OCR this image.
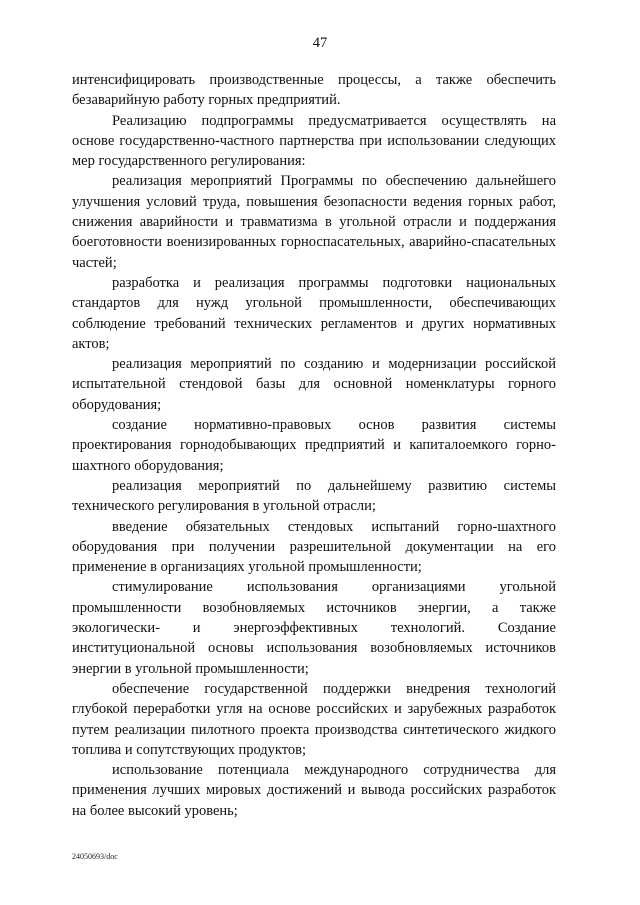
47

интенсифицировать производственные процессы, а также обеспечить безаварийную работу горных предприятий.

Реализацию подпрограммы предусматривается осуществлять на основе государственно-частного партнерства при использовании следующих мер государственного регулирования:

реализация мероприятий Программы по обеспечению дальнейшего улучшения условий труда, повышения безопасности ведения горных работ, снижения аварийности и травматизма в угольной отрасли и поддержания боеготовности военизированных горноспасательных, аварийно-спасательных частей;

разработка и реализация программы подготовки национальных стандартов для нужд угольной промышленности, обеспечивающих соблюдение требований технических регламентов и других нормативных актов;

реализация мероприятий по созданию и модернизации российской испытательной стендовой базы для основной номенклатуры горного оборудования;

создание нормативно-правовых основ развития системы проектирования горнодобывающих предприятий и капиталоемкого горно-шахтного оборудования;

реализация мероприятий по дальнейшему развитию системы технического регулирования в угольной отрасли;

введение обязательных стендовых испытаний горно-шахтного оборудования при получении разрешительной документации на его применение в организациях угольной промышленности;

стимулирование использования организациями угольной промышленности возобновляемых источников энергии, а также экологически- и энергоэффективных технологий. Создание институциональной основы использования возобновляемых источников энергии в угольной промышленности;

обеспечение государственной поддержки внедрения технологий глубокой переработки угля на основе российских и зарубежных разработок путем реализации пилотного проекта производства синтетического жидкого топлива и сопутствующих продуктов;

использование потенциала международного сотрудничества для применения лучших мировых достижений и вывода российских разработок на более высокий уровень;

24050693/doc
